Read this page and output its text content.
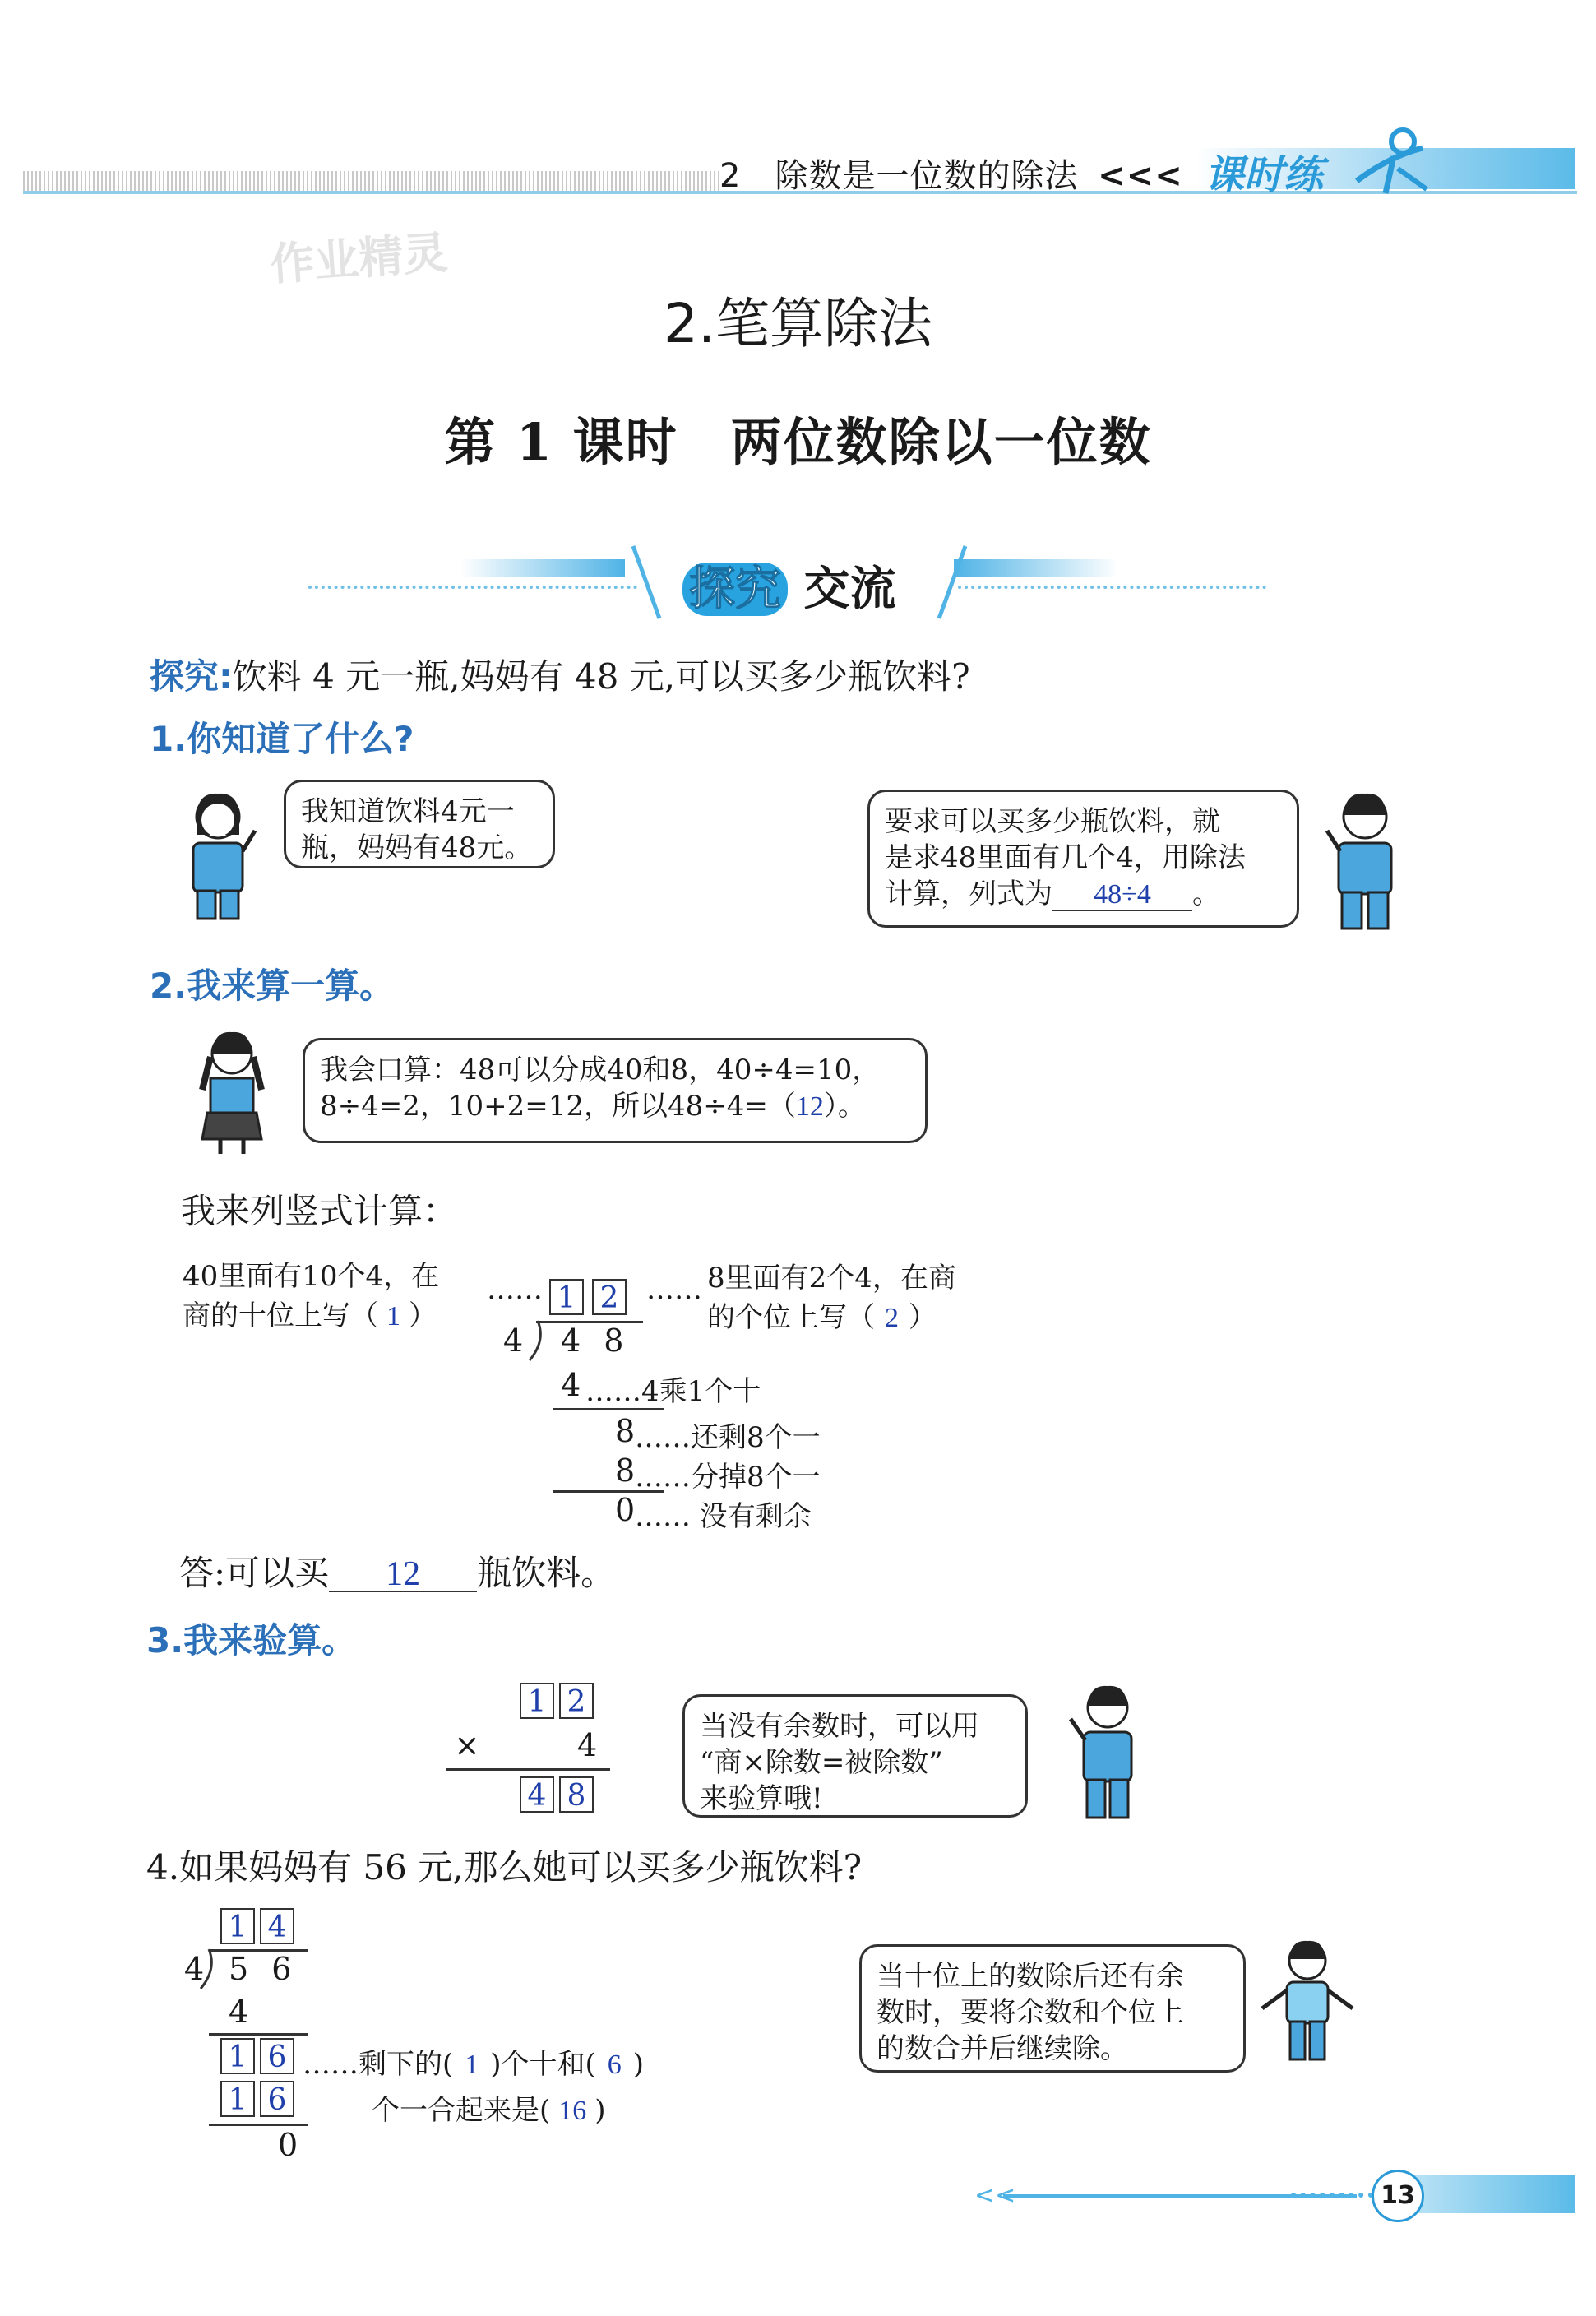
2　除数是一位数的除法 <<< 课时练
作业精灵
2.笔算除法
第 1 课时　两位数除以一位数
探究 交流
探究:饮料 4 元一瓶,妈妈有 48 元,可以买多少瓶饮料?
1.你知道了什么?
我知道饮料4元一
瓶，妈妈有48元。
要求可以买多少瓶饮料，就
是求48里面有几个4，用除法
计算，列式为 48÷4 。
2.我来算一算。
我会口算：48可以分成40和8，40÷4=10，
8÷4=2，10+2=12，所以48÷4=（12）。
我来列竖式计算：
40里面有10个4，在
商的十位上写（ 1 ）
…… 1 2 …… 8里面有2个4，在商
的个位上写（ 2 ）
4 4 8
4 ……4乘1个十
8 ……还剩8个一
8 ……分掉8个一
0 …… 没有剩余
答:可以买 12 瓶饮料。
3.我来验算。
1 2
×	4
4 8
当没有余数时，可以用
“商×除数=被除数”
来验算哦!
4.如果妈妈有 56 元,那么她可以买多少瓶饮料?
1 4
4 5 6
4
1 6
1 6
0
……剩下的( 1 )个十和( 6 )
个一合起来是( 16 )
当十位上的数除后还有余
数时，要将余数和个位上
的数合并后继续除。
<<	13
